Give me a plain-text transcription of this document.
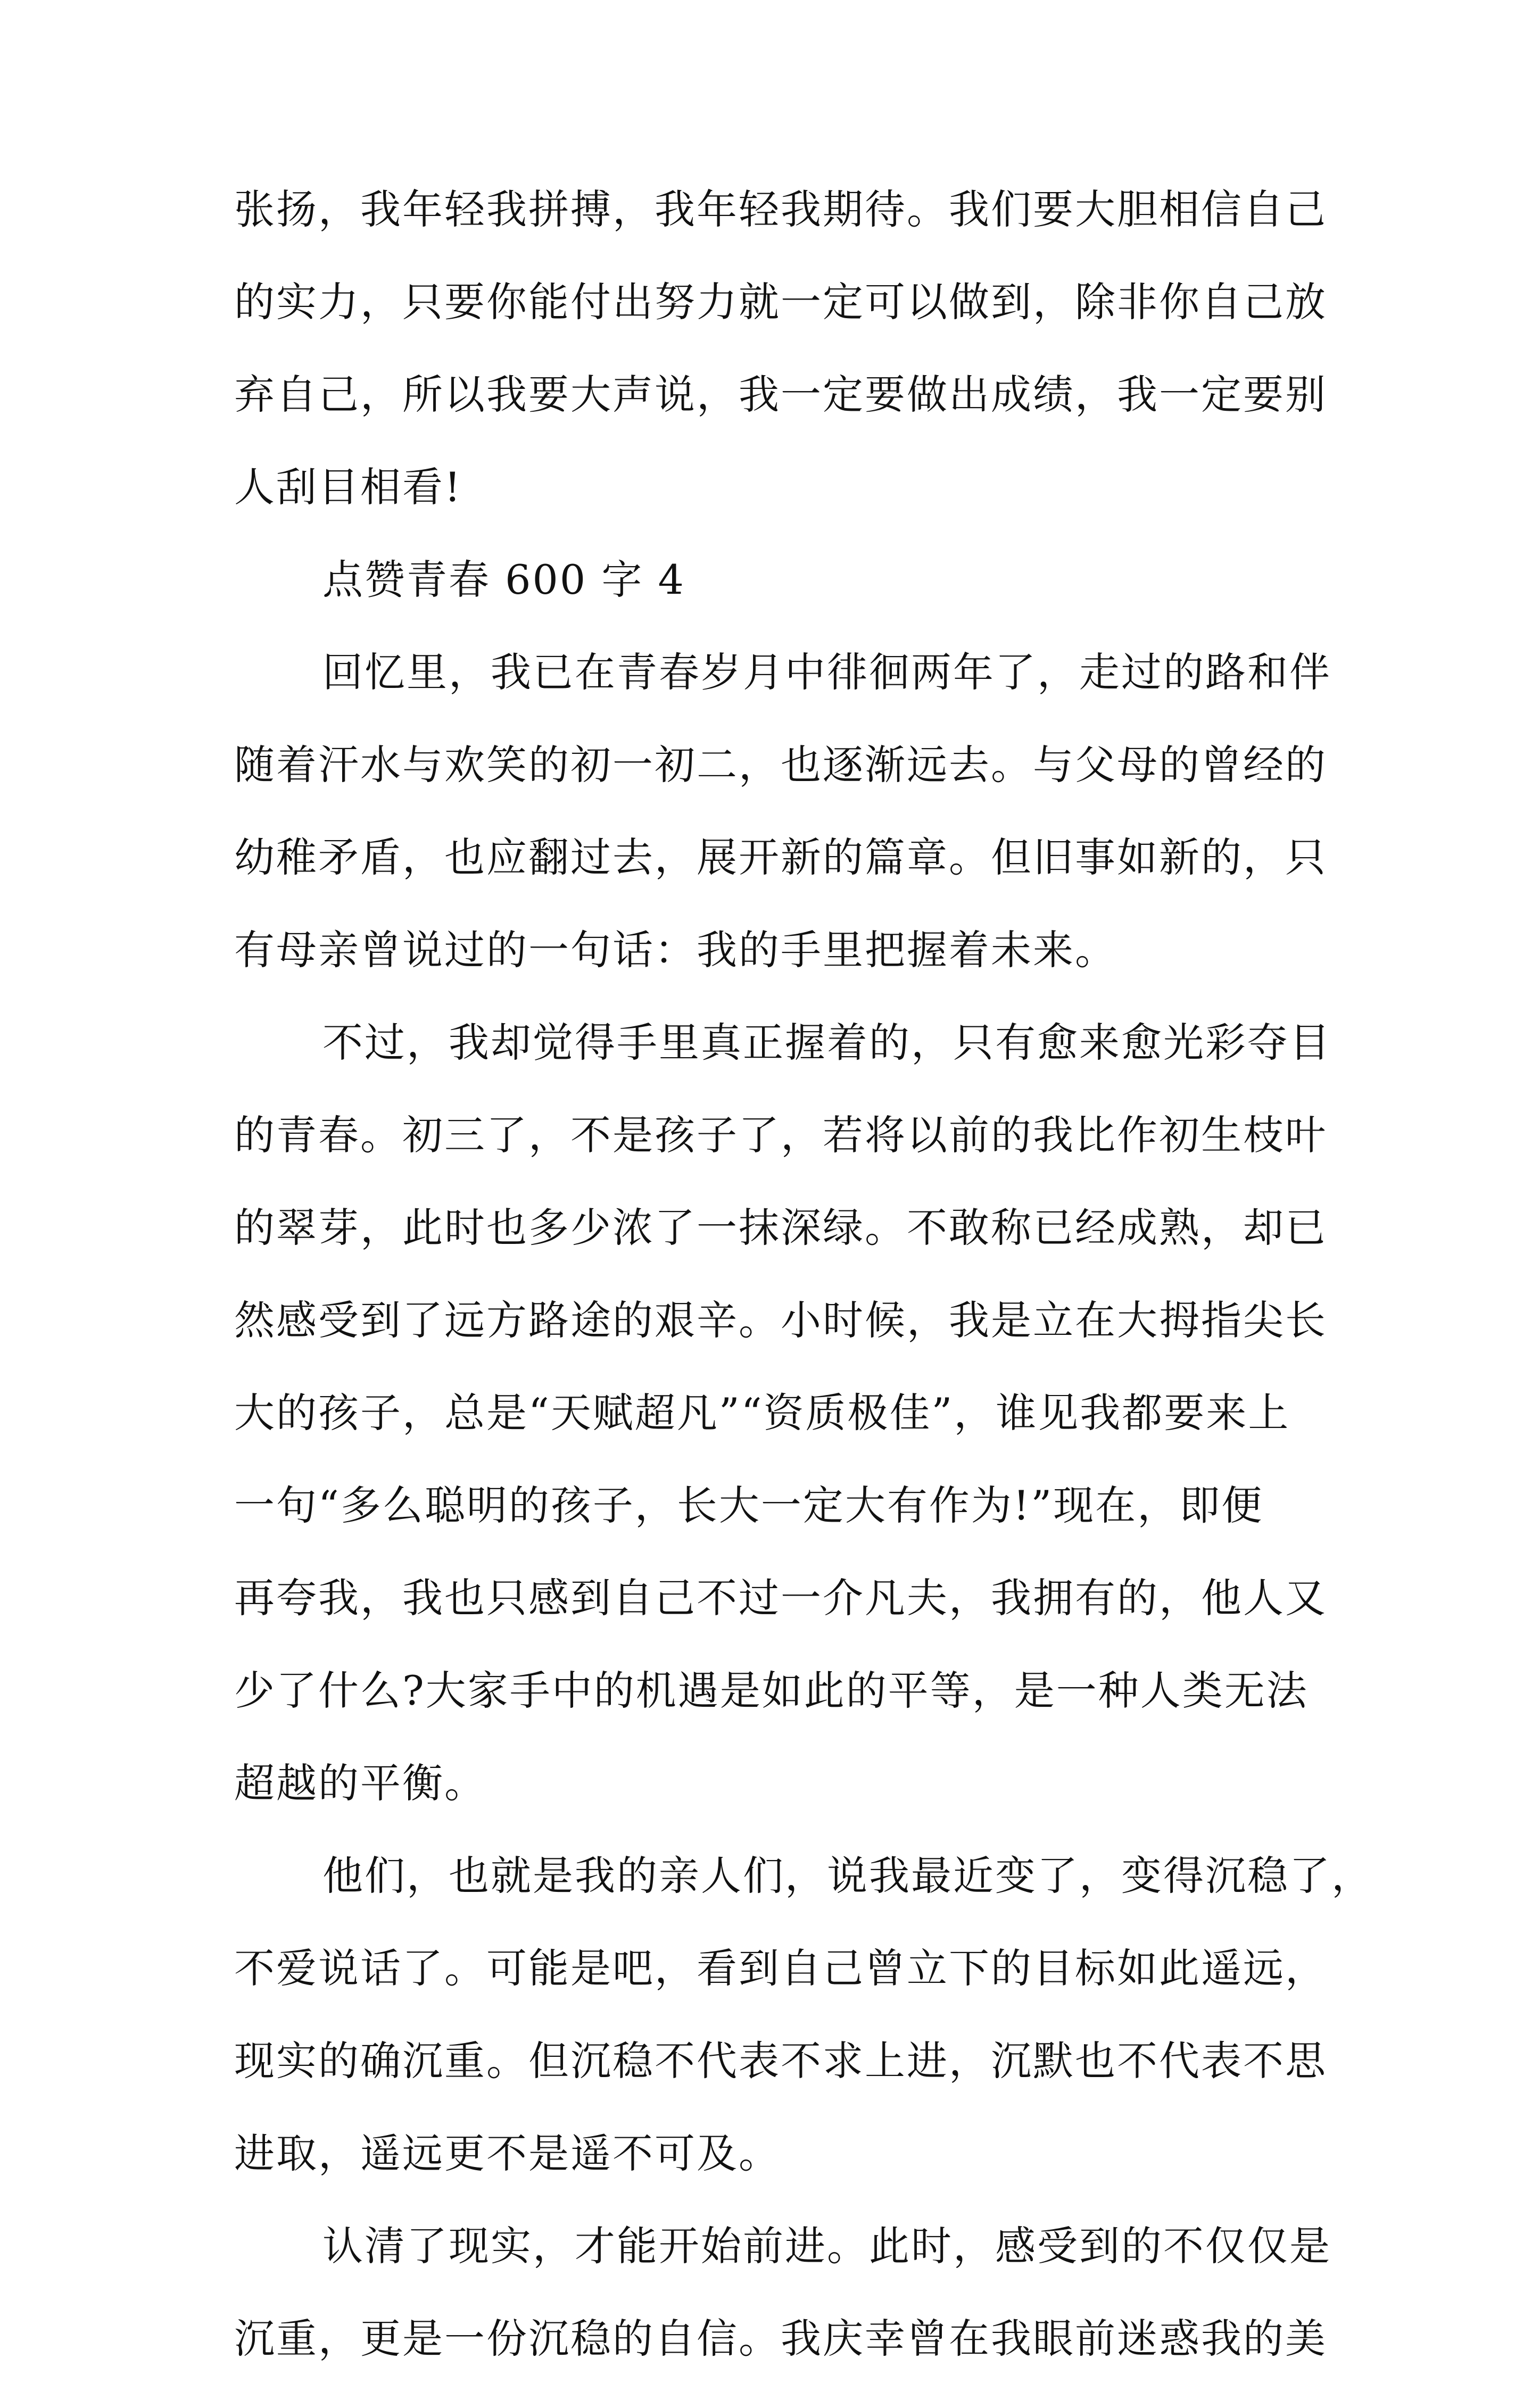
张扬，我年轻我拼搏，我年轻我期待。我们要大胆相信自己
的实力，只要你能付出努力就一定可以做到，除非你自己放
弃自己，所以我要大声说，我一定要做出成绩，我一定要别
人刮目相看!
点赞青春 600 字 4
回忆里，我已在青春岁月中徘徊两年了，走过的路和伴
随着汗水与欢笑的初一初二，也逐渐远去。与父母的曾经的
幼稚矛盾，也应翻过去，展开新的篇章。但旧事如新的，只
有母亲曾说过的一句话：我的手里把握着未来。
不过，我却觉得手里真正握着的，只有愈来愈光彩夺目
的青春。初三了，不是孩子了，若将以前的我比作初生枝叶
的翠芽，此时也多少浓了一抹深绿。不敢称已经成熟，却已
然感受到了远方路途的艰辛。小时候，我是立在大拇指尖长
大的孩子，总是“天赋超凡”“资质极佳”，谁见我都要来上
一句“多么聪明的孩子，长大一定大有作为!”现在，即便
再夸我，我也只感到自己不过一介凡夫，我拥有的，他人又
少了什么?大家手中的机遇是如此的平等，是一种人类无法
超越的平衡。
他们，也就是我的亲人们，说我最近变了，变得沉稳了，
不爱说话了。可能是吧，看到自己曾立下的目标如此遥远，
现实的确沉重。但沉稳不代表不求上进，沉默也不代表不思
进取，遥远更不是遥不可及。
认清了现实，才能开始前进。此时，感受到的不仅仅是
沉重，更是一份沉稳的自信。我庆幸曾在我眼前迷惑我的美
